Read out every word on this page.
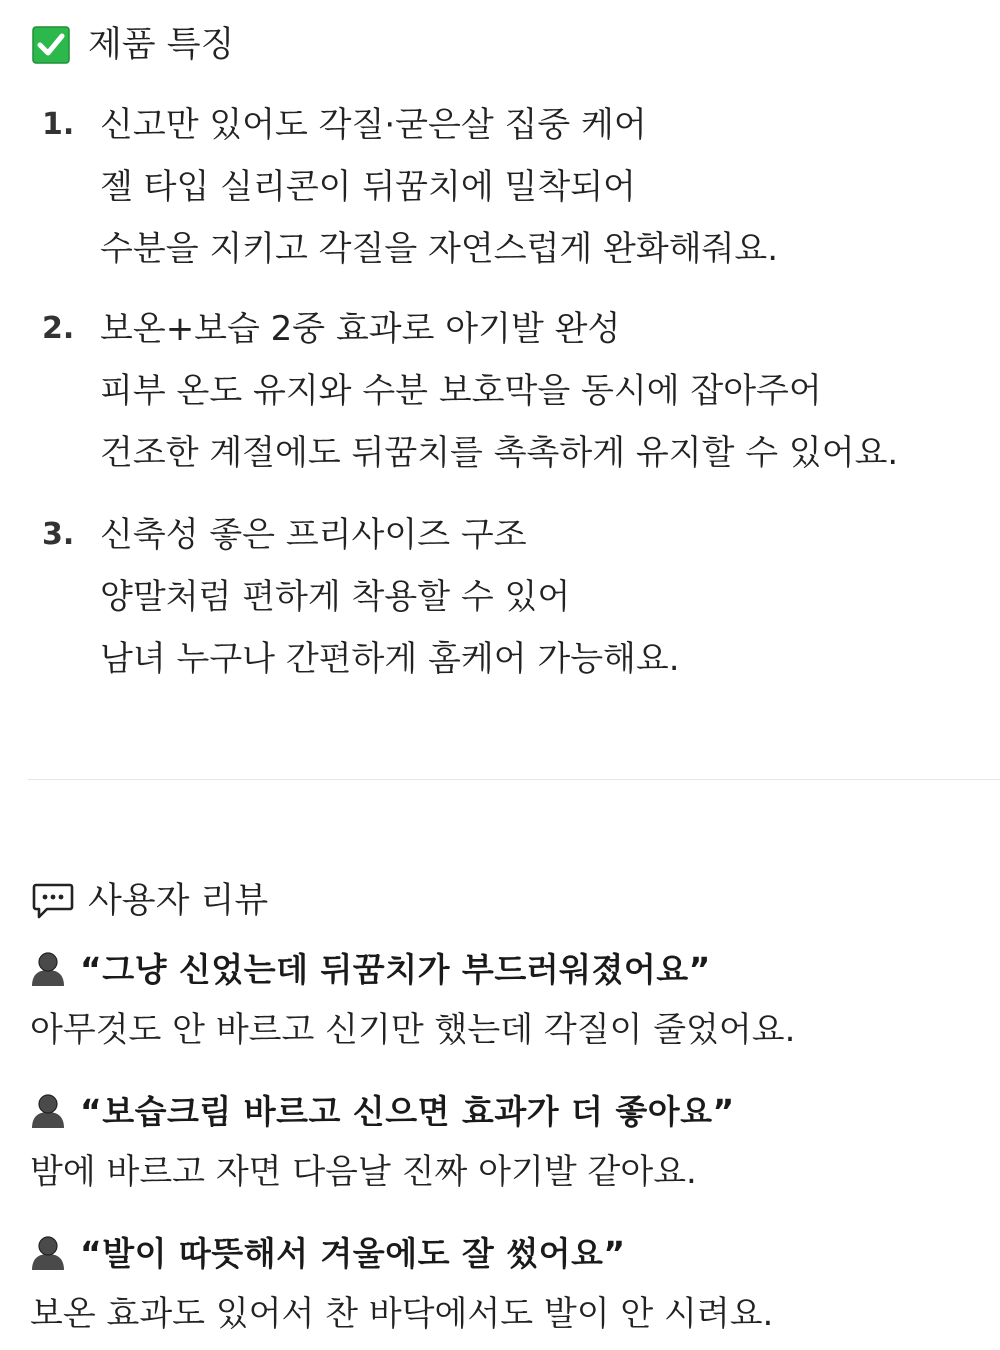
제품 특징
1. 신고만 있어도 각질·굳은살 집중 케어
젤 타입 실리콘이 뒤꿈치에 밀착되어
수분을 지키고 각질을 자연스럽게 완화해줘요.
2. 보온+보습 2중 효과로 아기발 완성
피부 온도 유지와 수분 보호막을 동시에 잡아주어
건조한 계절에도 뒤꿈치를 촉촉하게 유지할 수 있어요.
3. 신축성 좋은 프리사이즈 구조
양말처럼 편하게 착용할 수 있어
남녀 누구나 간편하게 홈케어 가능해요.
사용자 리뷰
“그냥 신었는데 뒤꿈치가 부드러워졌어요”
아무것도 안 바르고 신기만 했는데 각질이 줄었어요.
“보습크림 바르고 신으면 효과가 더 좋아요”
밤에 바르고 자면 다음날 진짜 아기발 같아요.
“발이 따뜻해서 겨울에도 잘 썼어요”
보온 효과도 있어서 찬 바닥에서도 발이 안 시려요.
